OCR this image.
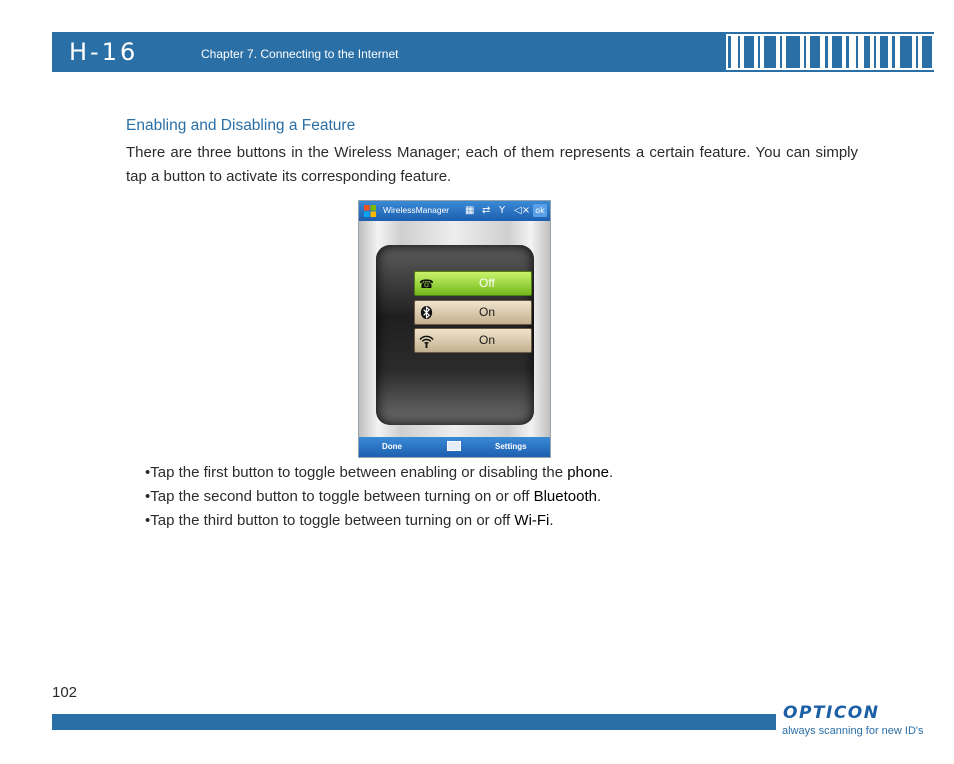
H-16	Chapter 7. Connecting to the Internet
Enabling and Disabling a Feature
There are three buttons in the Wireless Manager; each of them represents a certain feature. You can simply tap a button to activate its corresponding feature.
WirelessManager ▦ ⇄ Y ◁× ok
☎	Off
On
On
Done	Settings
•Tap the first button to toggle between enabling or disabling the phone.
•Tap the second button to toggle between turning on or off Bluetooth.
•Tap the third button to toggle between turning on or off Wi-Fi.
102
OPTICON
always scanning for new ID's
